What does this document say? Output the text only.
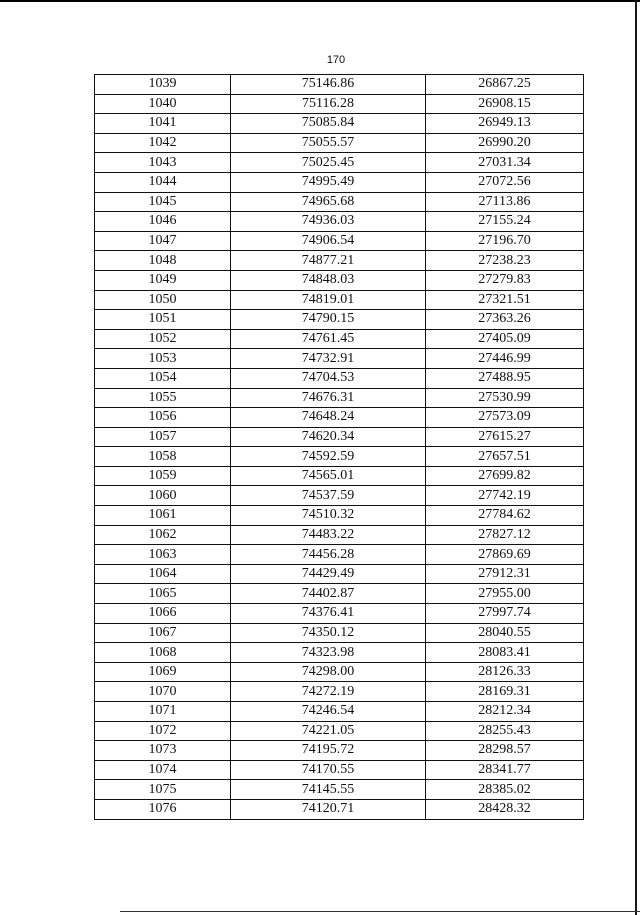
170
1039	75146.86	26867.25
1040	75116.28	26908.15
1041	75085.84	26949.13
1042	75055.57	26990.20
1043	75025.45	27031.34
1044	74995.49	27072.56
1045	74965.68	27113.86
1046	74936.03	27155.24
1047	74906.54	27196.70
1048	74877.21	27238.23
1049	74848.03	27279.83
1050	74819.01	27321.51
1051	74790.15	27363.26
1052	74761.45	27405.09
1053	74732.91	27446.99
1054	74704.53	27488.95
1055	74676.31	27530.99
1056	74648.24	27573.09
1057	74620.34	27615.27
1058	74592.59	27657.51
1059	74565.01	27699.82
1060	74537.59	27742.19
1061	74510.32	27784.62
1062	74483.22	27827.12
1063	74456.28	27869.69
1064	74429.49	27912.31
1065	74402.87	27955.00
1066	74376.41	27997.74
1067	74350.12	28040.55
1068	74323.98	28083.41
1069	74298.00	28126.33
1070	74272.19	28169.31
1071	74246.54	28212.34
1072	74221.05	28255.43
1073	74195.72	28298.57
1074	74170.55	28341.77
1075	74145.55	28385.02
1076	74120.71	28428.32
